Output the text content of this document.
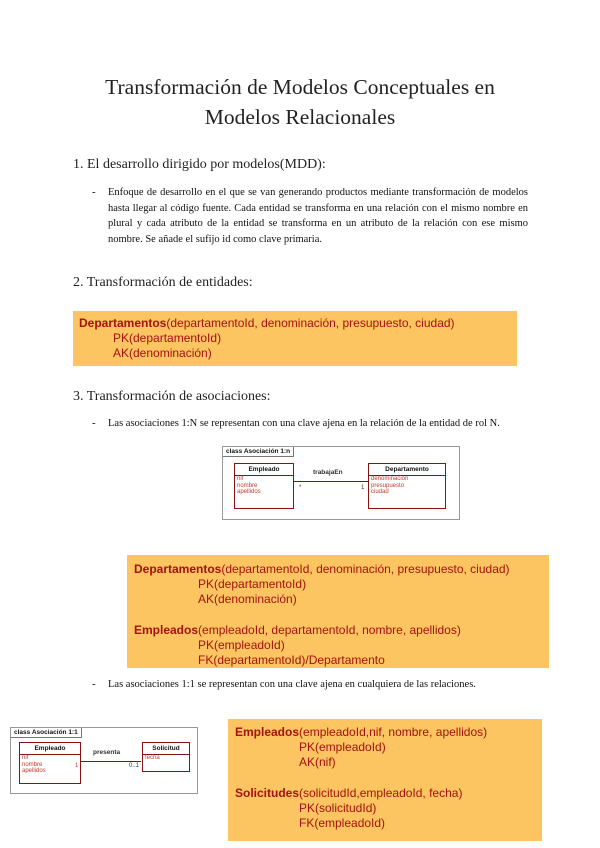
Transformación de Modelos Conceptuales en
Modelos Relacionales
1. El desarrollo dirigido por modelos(MDD):
- Enfoque de desarrollo en el que se van generando productos mediante transformación de modelos hasta llegar al código fuente. Cada entidad se transforma en una relación con el mismo nombre en plural y cada atributo de la entidad se transforma en un atributo de la relación con ese mismo nombre. Se añade el sufijo id como clave primaria.
2. Transformación de entidades:
Departamentos(departamentoId, denominación, presupuesto, ciudad)
PK(departamentoId)
AK(denominación)
3. Transformación de asociaciones:
- Las asociaciones 1:N se representan con una clave ajena en la relación de la entidad de rol N.
class Asociación 1:n
Empleado
nif
nombre
apellidos
trabajaEn
*	1
Departamento
denominación
presupuesto
ciudad
Departamentos(departamentoId, denominación, presupuesto, ciudad)
PK(departamentoId)
AK(denominación)
Empleados(empleadoId, departamentoId, nombre, apellidos)
PK(empleadoId)
FK(departamentoId)/Departamento
- Las asociaciones 1:1 se representan con una clave ajena en cualquiera de las relaciones.
class Asociación 1:1
Empleado
nif
nombre
apellidos
presenta
1	0..1
Solicitud
fecha
Empleados(empleadoId,nif, nombre, apellidos)
PK(empleadoId)
AK(nif)
Solicitudes(solicitudId,empleadoId, fecha)
PK(solicitudId)
FK(empleadoId)
